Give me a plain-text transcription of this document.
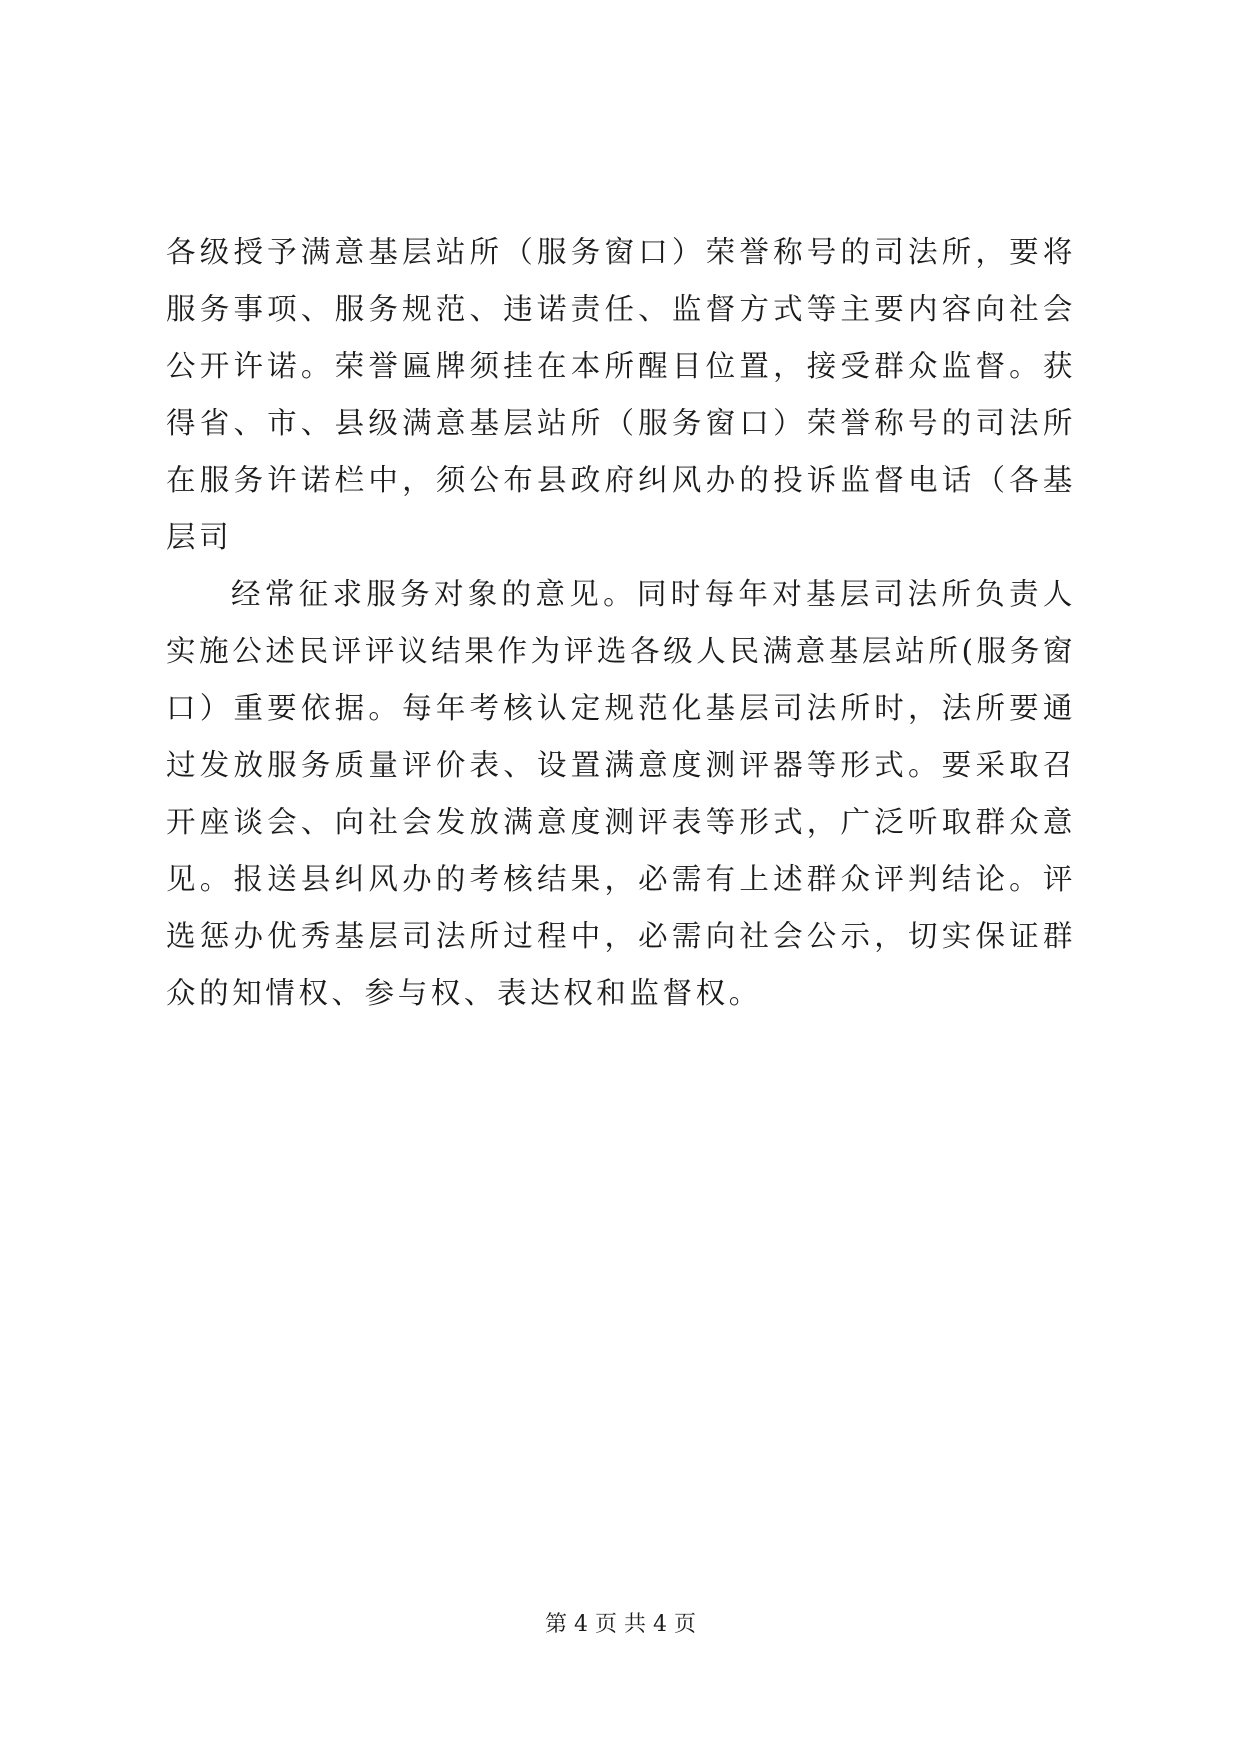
各级授予满意基层站所（服务窗口）荣誉称号的司法所，要将服务事项、服务规范、违诺责任、监督方式等主要内容向社会公开许诺。荣誉匾牌须挂在本所醒目位置，接受群众监督。获得省、市、县级满意基层站所（服务窗口）荣誉称号的司法所在服务许诺栏中，须公布县政府纠风办的投诉监督电话（各基层司

经常征求服务对象的意见。同时每年对基层司法所负责人实施公述民评评议结果作为评选各级人民满意基层站所(服务窗口）重要依据。每年考核认定规范化基层司法所时，法所要通过发放服务质量评价表、设置满意度测评器等形式。要采取召开座谈会、向社会发放满意度测评表等形式，广泛听取群众意见。报送县纠风办的考核结果，必需有上述群众评判结论。评选惩办优秀基层司法所过程中，必需向社会公示，切实保证群众的知情权、参与权、表达权和监督权。

第 4 页 共 4 页
